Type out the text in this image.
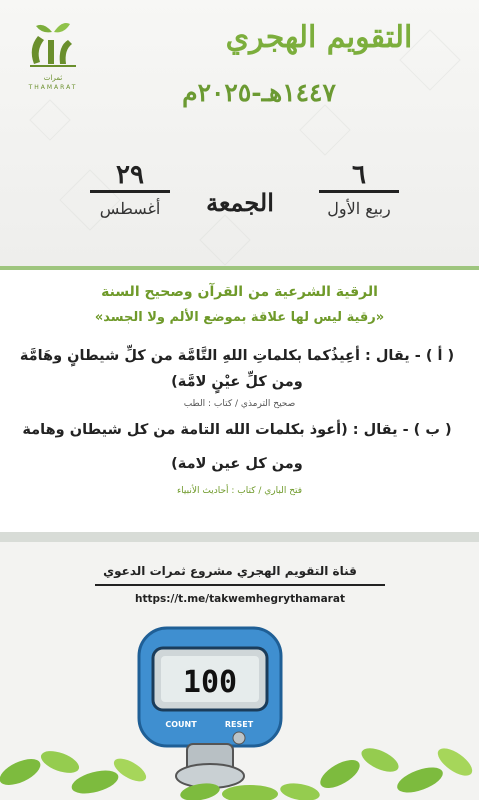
ثمرات
THAMARAT
التقويم الهجري
١٤٤٧هـ-٢٠٢٥م
٦
ربيع الأول
الجمعة
٢٩
أغسطس
الرقية الشرعية من القرآن وصحيح السنة
«رقية ليس لها علاقة بموضع الألم ولا الجسد»
( أ ) - يقال : أعِيذُكما بكلماتِ اللهِ التَّامَّة من كلِّ شيطانٍ وهَامَّة
ومن كلِّ عيْنٍ لامَّة)
صحيح الترمذي / كتاب : الطب
( ب ) - يقال : (أعوذ بكلمات الله التامة من كل شيطان وهامة
ومن كل عين لامة)
فتح الباري / كتاب : أحاديث الأنبياء
قناة التقويم الهجري مشروع ثمرات الدعوي
https://t.me/takwemhegrythamarat
100
COUNT	RESET
